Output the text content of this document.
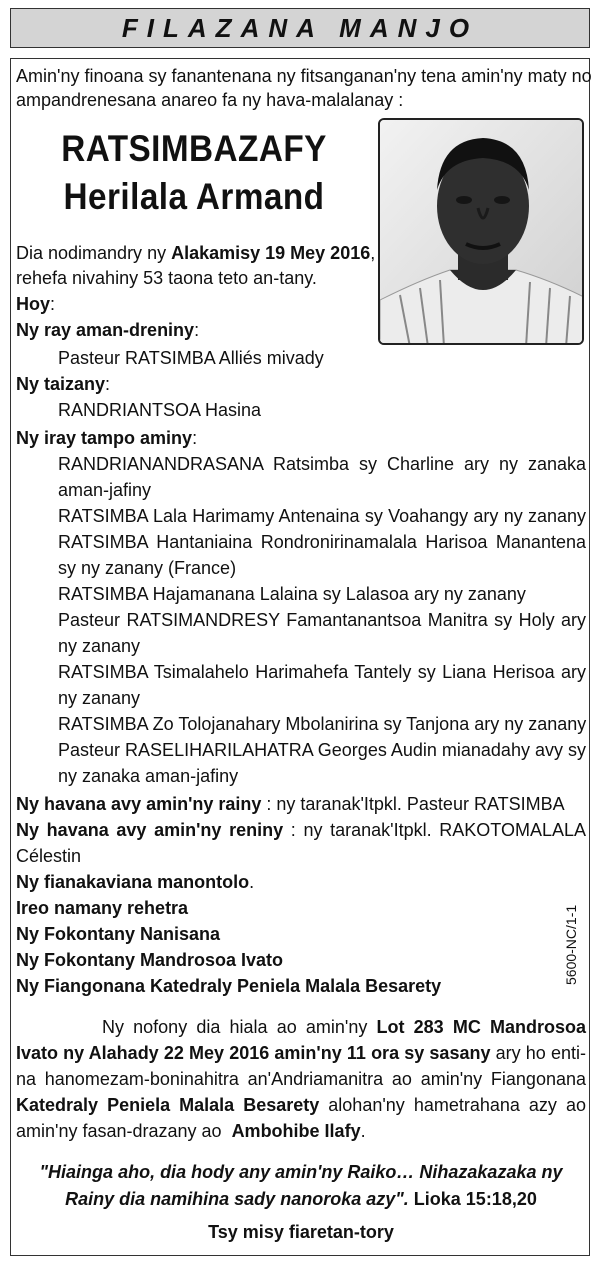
FILAZANA MANJO
Amin'ny finoana sy fanantenana ny fitsanganan'ny tena amin'ny maty no
ampandrenesana anareo fa ny hava-malalanay :
RATSIMBAZAFY
Herilala Armand
Dia nodimandry ny Alakamisy 19 Mey 2016,
rehefa nivahiny 53 taona teto an-tany.
Hoy:
Ny ray aman-dreniny:
Pasteur RATSIMBA Alliés mivady
Ny taizany:
RANDRIANTSOA Hasina
Ny iray tampo aminy:
RANDRIANANDRASANA Ratsimba sy Charline ary ny zanaka
aman-jafiny
RATSIMBA Lala Harimamy Antenaina sy Voahangy ary ny zanany
RATSIMBA Hantaniaina Rondronirinamalala Harisoa Manantena
sy ny zanany (France)
RATSIMBA Hajamanana Lalaina sy Lalasoa ary ny zanany
Pasteur RATSIMANDRESY Famantanantsoa Manitra sy Holy ary
ny zanany
RATSIMBA Tsimalahelo Harimahefa Tantely sy Liana Herisoa ary
ny zanany
RATSIMBA Zo Tolojanahary Mbolanirina sy Tanjona ary ny zanany
Pasteur RASELIHARILAHATRA Georges Audin mianadahy avy sy
ny zanaka aman-jafiny
Ny havana avy amin'ny rainy : ny taranak'Itpkl. Pasteur RATSIMBA
Ny havana avy amin'ny reniny : ny taranak'Itpkl. RAKOTOMALALA
Célestin
Ny fianakaviana manontolo.
Ireo namany rehetra
Ny Fokontany Nanisana
Ny Fokontany Mandrosoa Ivato
Ny Fiangonana Katedraly Peniela Malala Besarety
5600-NC/1-1
Ny nofony dia hiala ao amin'ny Lot 283 MC Mandrosoa
Ivato ny Alahady 22 Mey 2016 amin'ny 11 ora sy sasany ary ho enti-
na hanomezam-boninahitra an'Andriamanitra ao amin'ny Fiangonana
Katedraly Peniela Malala Besarety alohan'ny hametrahana azy ao
amin'ny fasan-drazany ao  Ambohibe Ilafy.
"Hiainga aho, dia hody any amin'ny Raiko… Nihazakazaka ny
Rainy dia namihina sady nanoroka azy". Lioka 15:18,20
Tsy misy fiaretan-tory
